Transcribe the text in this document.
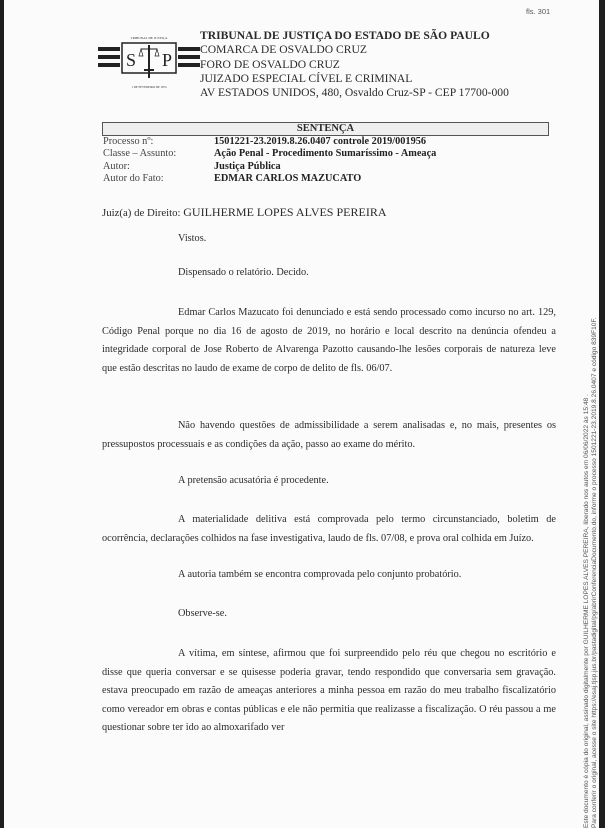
fls. 301
TRIBUNAL DE JUSTIÇA
S P
1 DE FEVEREIRO DE 1874
TRIBUNAL DE JUSTIÇA DO ESTADO DE SÃO PAULO
COMARCA DE OSVALDO CRUZ
FORO DE OSVALDO CRUZ
JUIZADO ESPECIAL CÍVEL E CRIMINAL
AV ESTADOS UNIDOS, 480, Osvaldo Cruz-SP - CEP 17700-000
SENTENÇA
Processo nº:	1501221-23.2019.8.26.0407 controle 2019/001956
Classe – Assunto:	Ação Penal - Procedimento Sumaríssimo - Ameaça
Autor:	Justiça Pública
Autor do Fato:	EDMAR CARLOS MAZUCATO
Juiz(a) de Direito: GUILHERME LOPES ALVES PEREIRA
Vistos.
Dispensado o relatório. Decido.
Edmar Carlos Mazucato foi denunciado e está sendo processado como incurso no art. 129, Código Penal porque no dia 16 de agosto de 2019, no horário e local descrito na denúncia ofendeu a integridade corporal de Jose Roberto de Alvarenga Pazotto causando-lhe lesões corporais de natureza leve que estão descritas no laudo de exame de corpo de delito de fls. 06/07.
Não havendo questões de admissibilidade a serem analisadas e, no mais, presentes os pressupostos processuais e as condições da ação, passo ao exame do mérito.
A pretensão acusatória é procedente.
A materialidade delitiva está comprovada pelo termo circunstanciado, boletim de ocorrência, declarações colhidos na fase investigativa, laudo de fls. 07/08, e prova oral colhida em Juízo.
A autoria também se encontra comprovada pelo conjunto probatório.
Observe-se.
A vítima, em síntese, afirmou que foi surpreendido pelo réu que chegou no escritório e disse que queria conversar e se quisesse poderia gravar, tendo respondido que conversaria sem gravação. estava preocupado em razão de ameaças anteriores a minha pessoa em razão do meu trabalho fiscalizatório como vereador em obras e contas públicas e ele não permitia que realizasse a fiscalização. O réu passou a me questionar sobre ter ido ao almoxarifado ver	Este documento é cópia do original, assinado digitalmente por GUILHERME LOPES ALVES PEREIRA, liberado nos autos em 06/06/2022 às 15:48 . Para conferir o original, acesse o site https://esaj.tjsp.jus.br/pastadigital/pg/abrirConferenciaDocumento.do, informe o processo 1501221-23.2019.8.26.0407 e código 839F10F.
